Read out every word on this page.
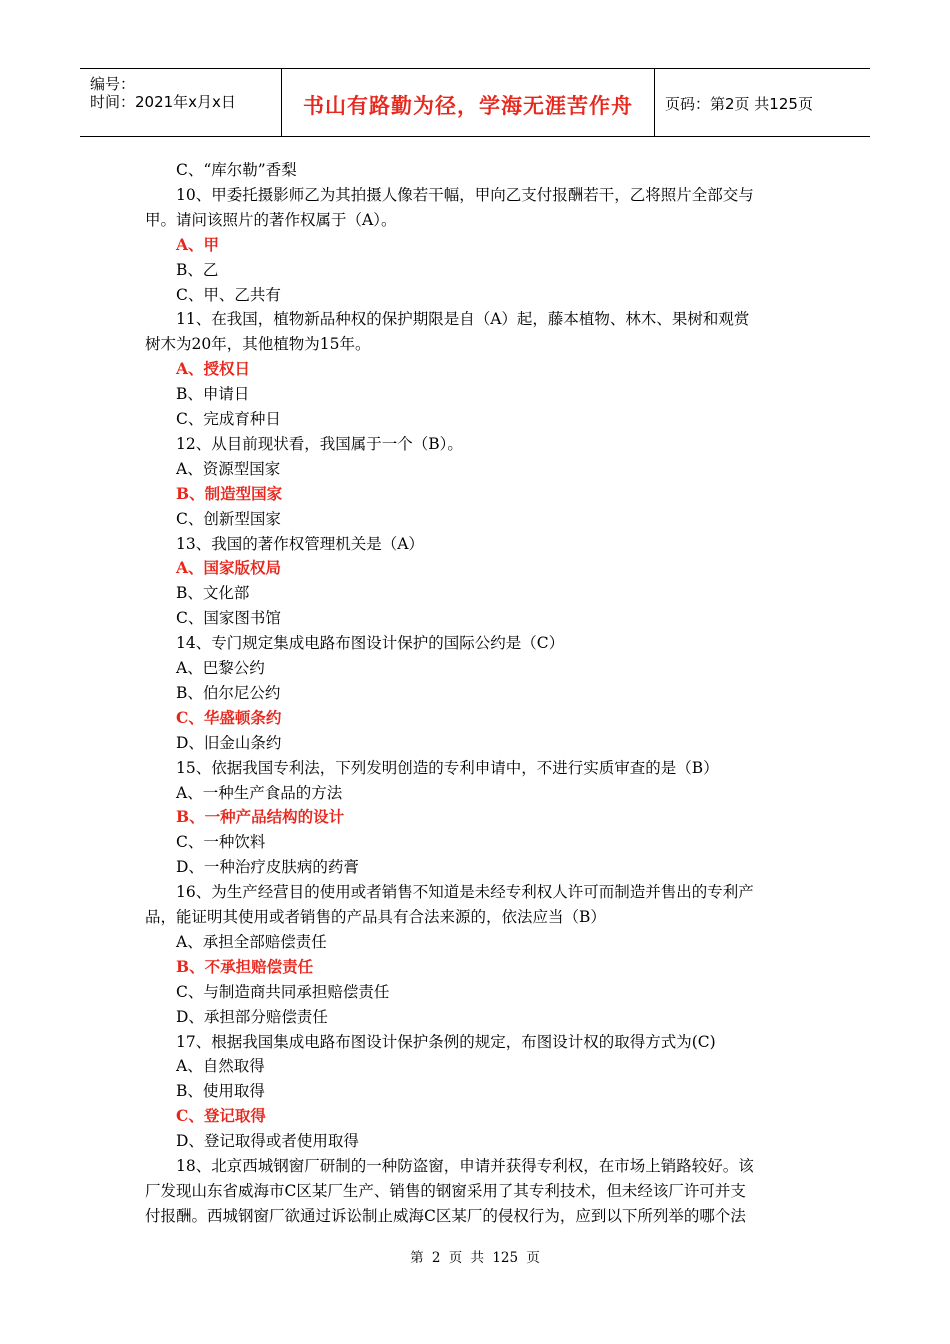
编号：
时间：2021年x月x日	书山有路勤为径，学海无涯苦作舟	页码：第2页 共125页
C、“库尔勒”香梨
10、甲委托摄影师乙为其拍摄人像若干幅，甲向乙支付报酬若干，乙将照片全部交与
甲。请问该照片的著作权属于（A）。
A、甲
B、乙
C、甲、乙共有
11、在我国，植物新品种权的保护期限是自（A）起，藤本植物、林木、果树和观赏
树木为20年，其他植物为15年。
A、授权日
B、申请日
C、完成育种日
12、从目前现状看，我国属于一个（B）。
A、资源型国家
B、制造型国家
C、创新型国家
13、我国的著作权管理机关是（A）
A、国家版权局
B、文化部
C、国家图书馆
14、专门规定集成电路布图设计保护的国际公约是（C）
A、巴黎公约
B、伯尔尼公约
C、华盛顿条约
D、旧金山条约
15、依据我国专利法，下列发明创造的专利申请中，不进行实质审查的是（B）
A、一种生产食品的方法
B、一种产品结构的设计
C、一种饮料
D、一种治疗皮肤病的药膏
16、为生产经营目的使用或者销售不知道是未经专利权人许可而制造并售出的专利产
品，能证明其使用或者销售的产品具有合法来源的，依法应当（B）
A、承担全部赔偿责任
B、不承担赔偿责任
C、与制造商共同承担赔偿责任
D、承担部分赔偿责任
17、根据我国集成电路布图设计保护条例的规定，布图设计权的取得方式为(C)
A、自然取得
B、使用取得
C、登记取得
D、登记取得或者使用取得
18、北京西城钢窗厂研制的一种防盗窗，申请并获得专利权，在市场上销路较好。该
厂发现山东省威海市C区某厂生产、销售的钢窗采用了其专利技术，但未经该厂许可并支
付报酬。西城钢窗厂欲通过诉讼制止威海C区某厂的侵权行为，应到以下所列举的哪个法
第 2 页 共 125 页
